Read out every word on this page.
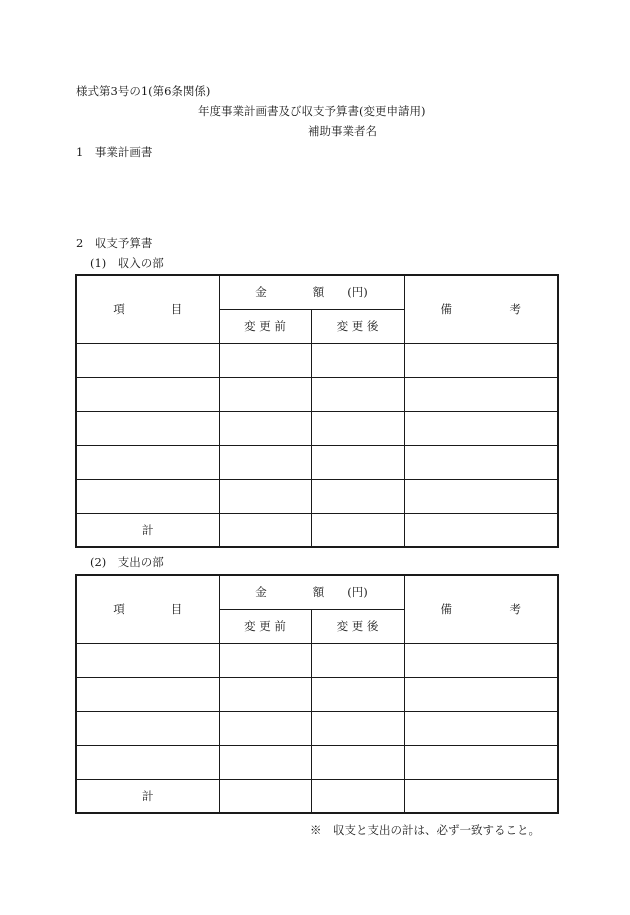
様式第3号の1(第6条関係)
年度事業計画書及び収支予算書(変更申請用)
補助事業者名
1　事業計画書
2　収支予算書
(1)　収入の部
項　　　　目	金　　　　額　　(円)		備　　　　　考
	変 更 前	変 更 後	

計			
(2)　支出の部
項　　　　目	金　　　　額　　(円)		備　　　　　考
	変 更 前	変 更 後	

計			
※　収支と支出の計は、必ず一致すること。
